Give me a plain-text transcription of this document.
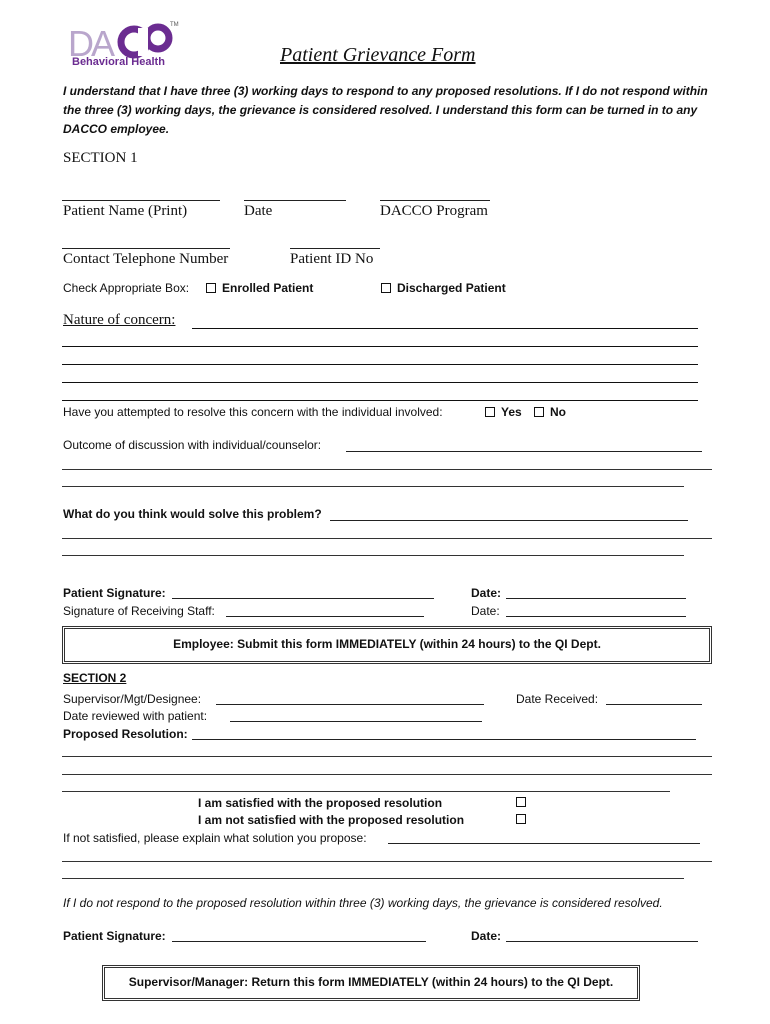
DA	TM
Behavioral Health	Patient Grievance Form
I understand that I have three (3) working days to respond to any proposed resolutions. If I do not respond within the three (3) working days, the grievance is considered resolved. I understand this form can be turned in to any DACCO employee.
SECTION 1
Patient Name (Print)	Date	DACCO Program
Contact Telephone Number	Patient ID No
Check Appropriate Box:	Enrolled Patient	Discharged Patient
Nature of concern:
Have you attempted to resolve this concern with the individual involved:	Yes	No
Outcome of discussion with individual/counselor:
What do you think would solve this problem?
Patient Signature:	Date:
Signature of Receiving Staff:	Date:
Employee: Submit this form IMMEDIATELY (within 24 hours) to the QI Dept.
SECTION 2
Supervisor/Mgt/Designee:	Date Received:
Date reviewed with patient:
Proposed Resolution:
I am satisfied with the proposed resolution
I am not satisfied with the proposed resolution
If not satisfied, please explain what solution you propose:
If I do not respond to the proposed resolution within three (3) working days, the grievance is considered resolved.
Patient Signature:	Date:
Supervisor/Manager: Return this form IMMEDIATELY (within 24 hours) to the QI Dept.
